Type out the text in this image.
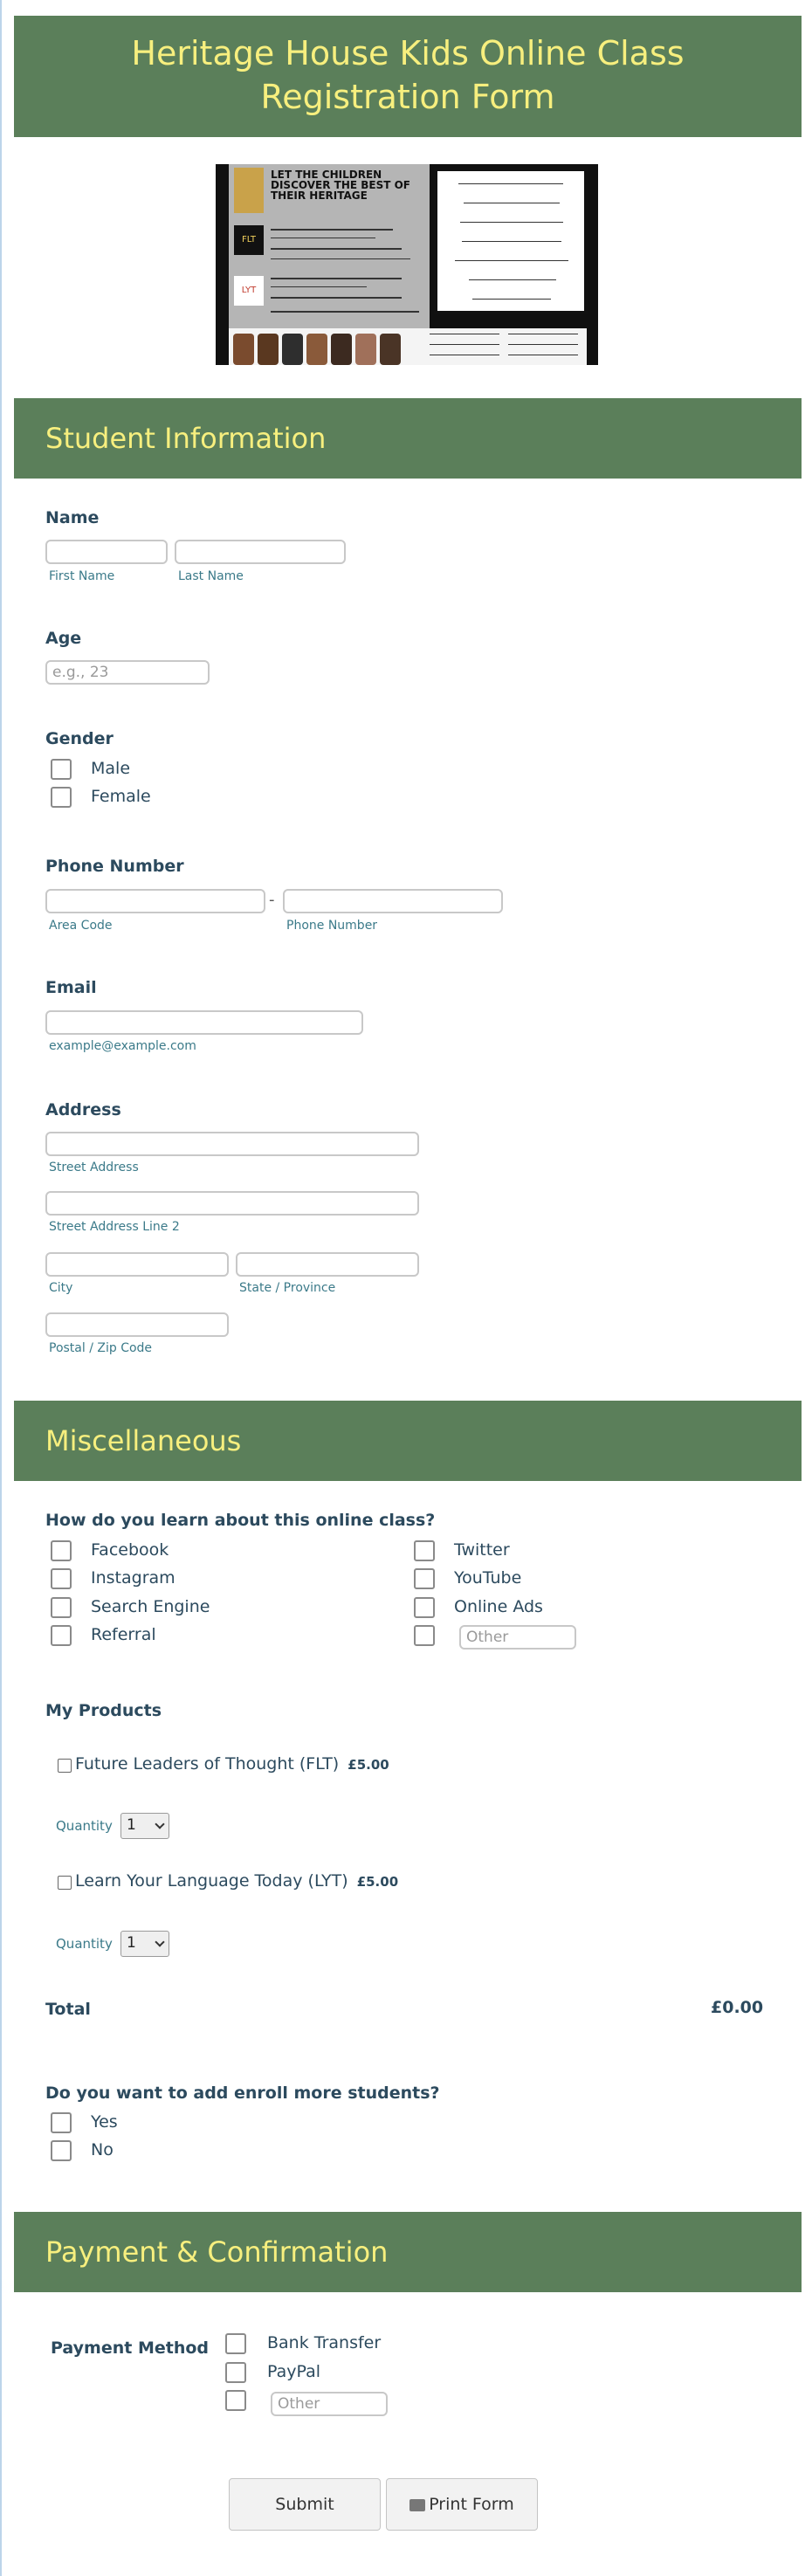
Heritage House Kids Online Class Registration Form
LET THE CHILDREN DISCOVER THE BEST OF THEIR HERITAGE
FLT
LYT
Student Information
Name
First Name	Last Name
Age
e.g., 23
Gender
Male
Female
Phone Number
-
Area Code	Phone Number
Email
example@example.com
Address
Street Address
Street Address Line 2
City	State / Province
Postal / Zip Code
Miscellaneous
How do you learn about this online class?
Facebook
Instagram
Search Engine
Referral
Twitter
YouTube
Online Ads
Other
My Products
Future Leaders of Thought (FLT) £5.00
Quantity 1
Learn Your Language Today (LYT) £5.00
Quantity 1
Total	£0.00
Do you want to add enroll more students?
Yes
No
Payment & Confirmation
Payment Method	Bank Transfer
PayPal
Other
Submit	Print Form
